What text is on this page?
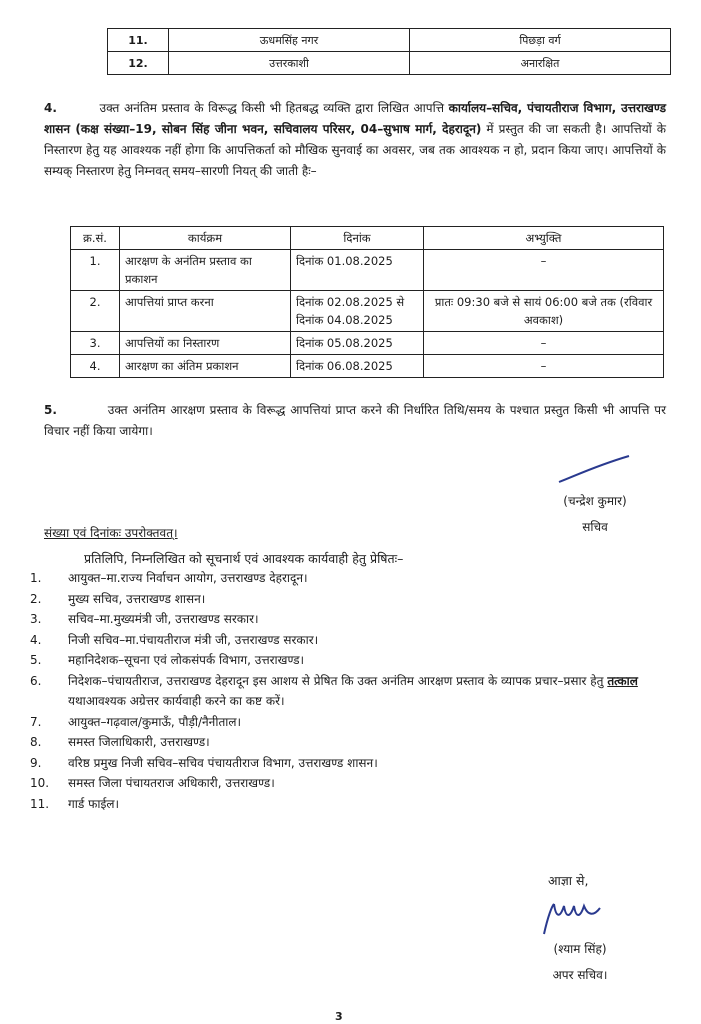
11.	ऊधमसिंह नगर	पिछड़ा वर्ग
12.	उत्तरकाशी	अनारक्षित
4.	उक्त अनंतिम प्रस्ताव के विरूद्ध किसी भी हितबद्ध व्यक्ति द्वारा लिखित आपत्ति कार्यालय–सचिव, पंचायतीराज विभाग, उत्तराखण्ड शासन (कक्ष संख्या–19, सोबन सिंह जीना भवन, सचिवालय परिसर, 04–सुभाष मार्ग, देहरादून) में प्रस्तुत की जा सकती है। आपत्तियों के निस्तारण हेतु यह आवश्यक नहीं होगा कि आपत्तिकर्ता को मौखिक सुनवाई का अवसर, जब तक आवश्यक न हो, प्रदान किया जाए। आपत्तियों के सम्यक् निस्तारण हेतु निम्नवत् समय–सारणी नियत् की जाती हैः–
क्र.सं.	कार्यक्रम	दिनांक	अभ्युक्ति
1.	आरक्षण के अनंतिम प्रस्ताव का प्रकाशन	दिनांक 01.08.2025	–
2.	आपत्तियां प्राप्त करना	दिनांक 02.08.2025 से दिनांक 04.08.2025	प्रातः 09:30 बजे से सायं 06:00 बजे तक (रविवार अवकाश)
3.	आपत्तियों का निस्तारण	दिनांक 05.08.2025	–
4.	आरक्षण का अंतिम प्रकाशन	दिनांक 06.08.2025	–
5.	उक्त अनंतिम आरक्षण प्रस्ताव के विरूद्ध आपत्तियां प्राप्त करने की निर्धारित तिथि/समय के पश्चात प्रस्तुत किसी भी आपत्ति पर विचार नहीं किया जायेगा।
(चन्द्रेश कुमार)
सचिव
संख्या एवं दिनांकः उपरोक्तवत्।
प्रतिलिपि, निम्नलिखित को सूचनार्थ एवं आवश्यक कार्यवाही हेतु प्रेषितः–
1.	आयुक्त–मा.राज्य निर्वाचन आयोग, उत्तराखण्ड देहरादून।
2.	मुख्य सचिव, उत्तराखण्ड शासन।
3.	सचिव–मा.मुख्यमंत्री जी, उत्तराखण्ड सरकार।
4.	निजी सचिव–मा.पंचायतीराज मंत्री जी, उत्तराखण्ड सरकार।
5.	महानिदेशक–सूचना एवं लोकसंपर्क विभाग, उत्तराखण्ड।
6.	निदेशक–पंचायतीराज, उत्तराखण्ड देहरादून इस आशय से प्रेषित कि उक्त अनंतिम आरक्षण प्रस्ताव के व्यापक प्रचार–प्रसार हेतु तत्काल यथाआवश्यक अग्रेत्तर कार्यवाही करने का कष्ट करें।
7.	आयुक्त–गढ़वाल/कुमाऊँ, पौड़ी/नैनीताल।
8.	समस्त जिलाधिकारी, उत्तराखण्ड।
9.	वरिष्ठ प्रमुख निजी सचिव–सचिव पंचायतीराज विभाग, उत्तराखण्ड शासन।
10.	समस्त जिला पंचायतराज अधिकारी, उत्तराखण्ड।
11.	गार्ड फाईल।
आज्ञा से,
(श्याम सिंह)
अपर सचिव।
3
